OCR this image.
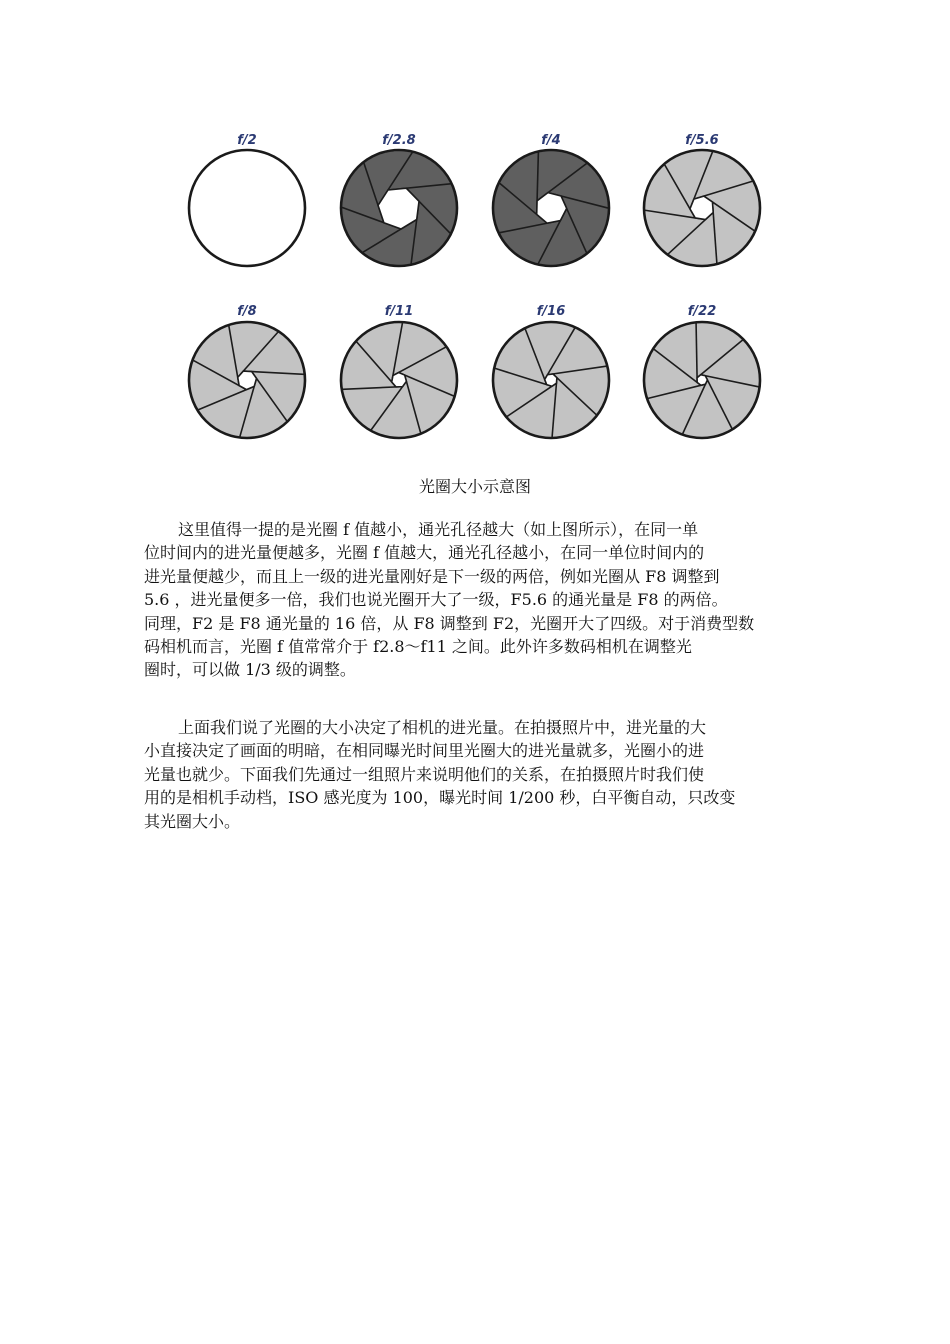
f/2	f/2.8	f/4	f/5.6
f/8	f/11	f/16	f/22
光圈大小示意图

这里值得一提的是光圈 f 值越小，通光孔径越大（如上图所示），在同一单
位时间内的进光量便越多，光圈 f 值越大，通光孔径越小，在同一单位时间内的
进光量便越少，而且上一级的进光量刚好是下一级的两倍，例如光圈从 F8 调整到
5.6 ，进光量便多一倍，我们也说光圈开大了一级，F5.6 的通光量是 F8 的两倍。
同理，F2 是 F8 通光量的 16 倍，从 F8 调整到 F2，光圈开大了四级。对于消费型数
码相机而言，光圈 f 值常常介于 f2.8～f11 之间。此外许多数码相机在调整光
圈时，可以做 1/3 级的调整。

上面我们说了光圈的大小决定了相机的进光量。在拍摄照片中，进光量的大
小直接决定了画面的明暗，在相同曝光时间里光圈大的进光量就多，光圈小的进
光量也就少。下面我们先通过一组照片来说明他们的关系，在拍摄照片时我们使
用的是相机手动档，ISO 感光度为 100，曝光时间 1/200 秒，白平衡自动，只改变
其光圈大小。
